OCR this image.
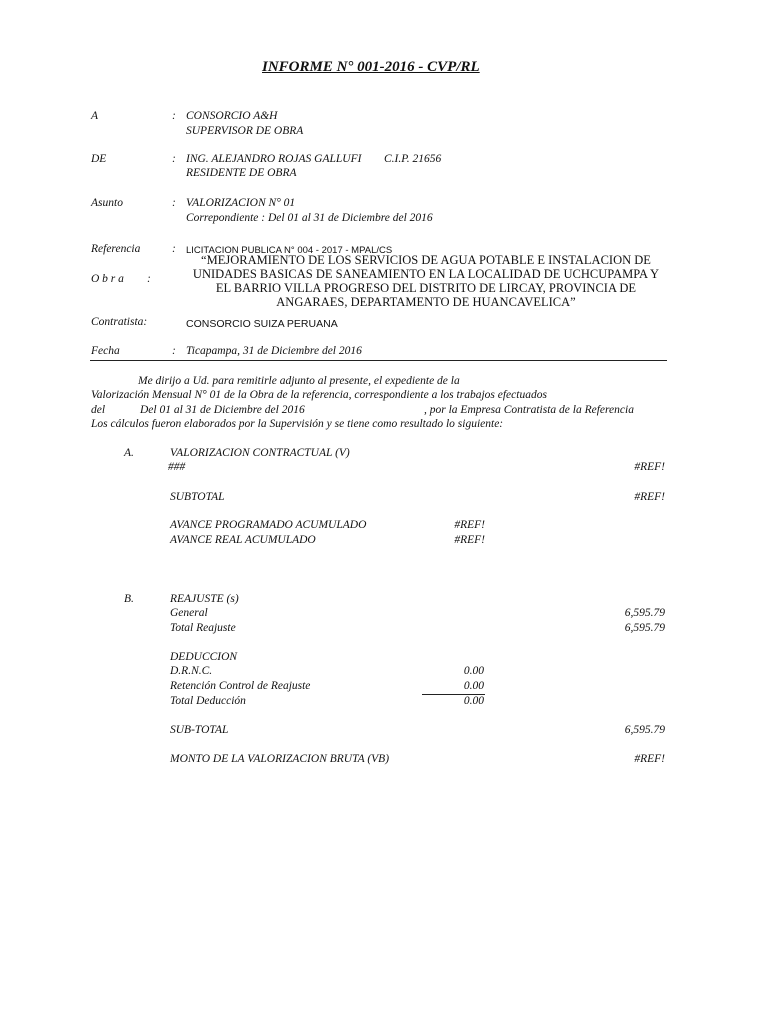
INFORME N° 001-2016 - CVP/RL
A	: CONSORCIO A&H
SUPERVISOR DE OBRA
DE	: ING. ALEJANDRO ROJAS GALLUFI C.I.P. 21656
RESIDENTE DE OBRA
Asunto	: VALORIZACION N° 01
Correpondiente : Del 01 al 31 de Diciembre del 2016
Referencia	: LICITACION PUBLICA N° 004 - 2017 - MPAL/CS
O b r a :
“MEJORAMIENTO DE LOS SERVICIOS DE AGUA POTABLE E INSTALACION DE UNIDADES BASICAS DE SANEAMIENTO EN LA LOCALIDAD DE UCHCUPAMPA Y EL BARRIO VILLA PROGRESO DEL DISTRITO DE LIRCAY, PROVINCIA DE ANGARAES, DEPARTAMENTO DE HUANCAVELICA”
Contratista:	CONSORCIO SUIZA PERUANA
Fecha	: Ticapampa, 31 de Diciembre del 2016
Me dirijo a Ud. para remitirle adjunto al presente, el expediente de la
Valorización Mensual N° 01 de la Obra de la referencia, correspondiente a los trabajos efectuados
del	Del 01 al 31 de Diciembre del 2016	, por la Empresa Contratista de la Referencia
Los cálculos fueron elaborados por la Supervisión y se tiene como resultado lo siguiente:
A.	VALORIZACION CONTRACTUAL (V)
###	#REF!
SUBTOTAL	#REF!
AVANCE PROGRAMADO ACUMULADO	#REF!
AVANCE REAL ACUMULADO	#REF!
B.	REAJUSTE (s)
General	6,595.79
Total Reajuste	6,595.79
DEDUCCION
D.R.N.C.	0.00
Retención Control de Reajuste	0.00
Total Deducción	0.00
SUB-TOTAL	6,595.79
MONTO DE LA VALORIZACION BRUTA (VB)	#REF!
